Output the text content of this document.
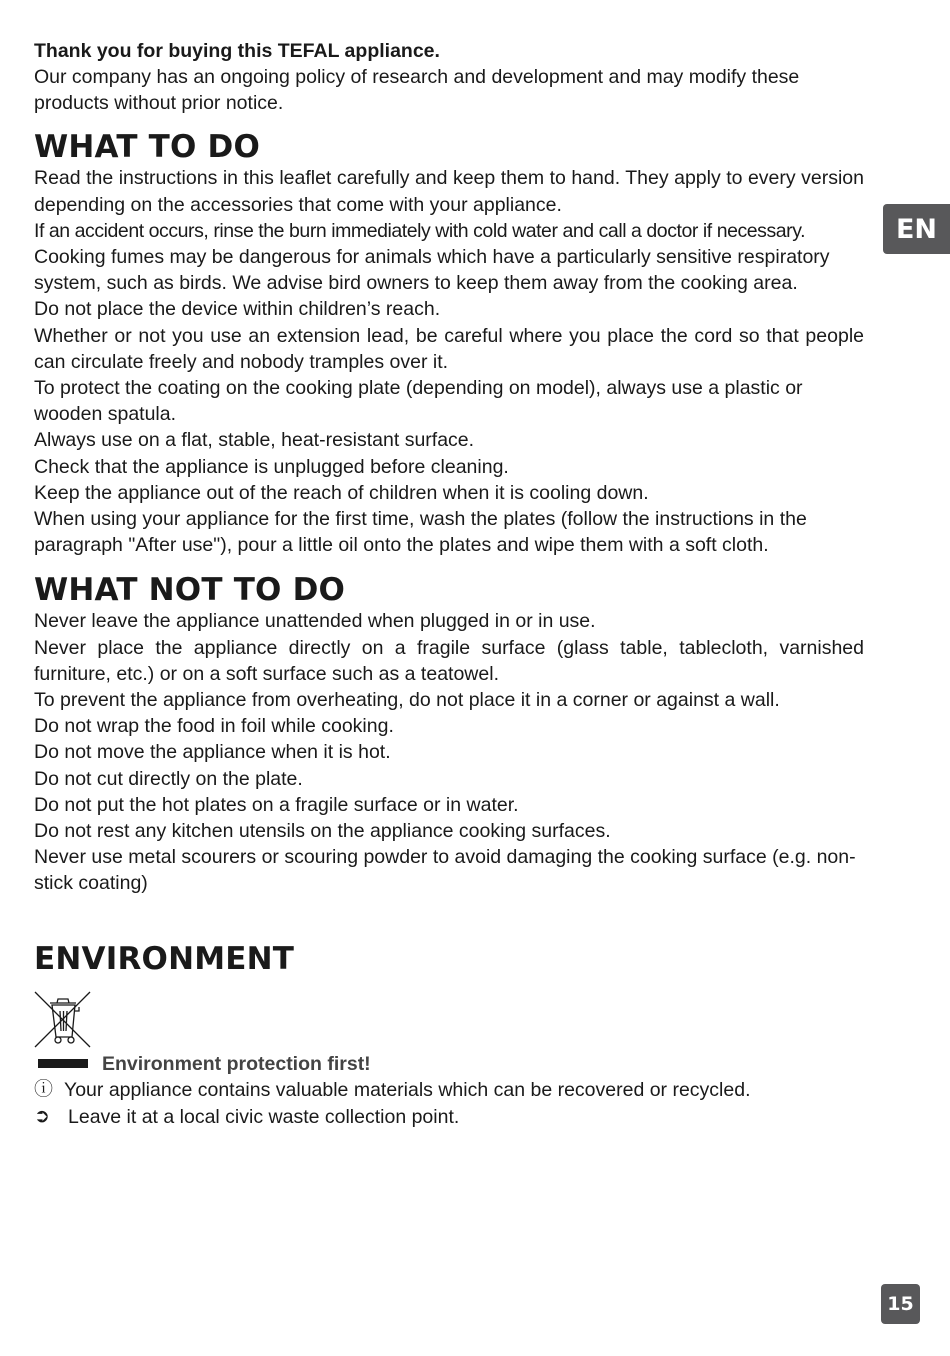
EN

Thank you for buying this TEFAL appliance.

Our company has an ongoing policy of research and development and may modify these products without prior notice.

WHAT TO DO

Read the instructions in this leaflet carefully and keep them to hand. They apply to every version depending on the accessories that come with your appliance.

If an accident occurs, rinse the burn immediately with cold water and call a doctor if necessary.

Cooking fumes may be dangerous for animals which have a particularly sensitive respiratory system, such as birds. We advise bird owners to keep them away from the cooking area.

Do not place the device within children’s reach.

Whether or not you use an extension lead, be careful where you place the cord so that people can circulate freely and nobody tramples over it.

To protect the coating on the cooking plate (depending on model), always use a plastic or wooden spatula.

Always use on a flat, stable, heat-resistant surface.

Check that the appliance is unplugged before cleaning.

Keep the appliance out of the reach of children when it is cooling down.

When using your appliance for the first time, wash the plates (follow the instructions in the paragraph "After use"), pour a little oil onto the plates and wipe them with a soft cloth.

WHAT NOT TO DO

Never leave the appliance unattended when plugged in or in use.

Never place the appliance directly on a fragile surface (glass table, tablecloth, varnished furniture, etc.) or on a soft surface such as a teatowel.

To prevent the appliance from overheating, do not place it in a corner or against a wall.

Do not wrap the food in foil while cooking.

Do not move the appliance when it is hot.

Do not cut directly on the plate.

Do not put the hot plates on a fragile surface or in water.

Do not rest any kitchen utensils on the appliance cooking surfaces.

Never use metal scourers or scouring powder to avoid damaging the cooking surface (e.g. non-stick coating)

ENVIRONMENT
Environment protection first!
ⓘ Your appliance contains valuable materials which can be recovered or recycled.
➲ Leave it at a local civic waste collection point.
15
